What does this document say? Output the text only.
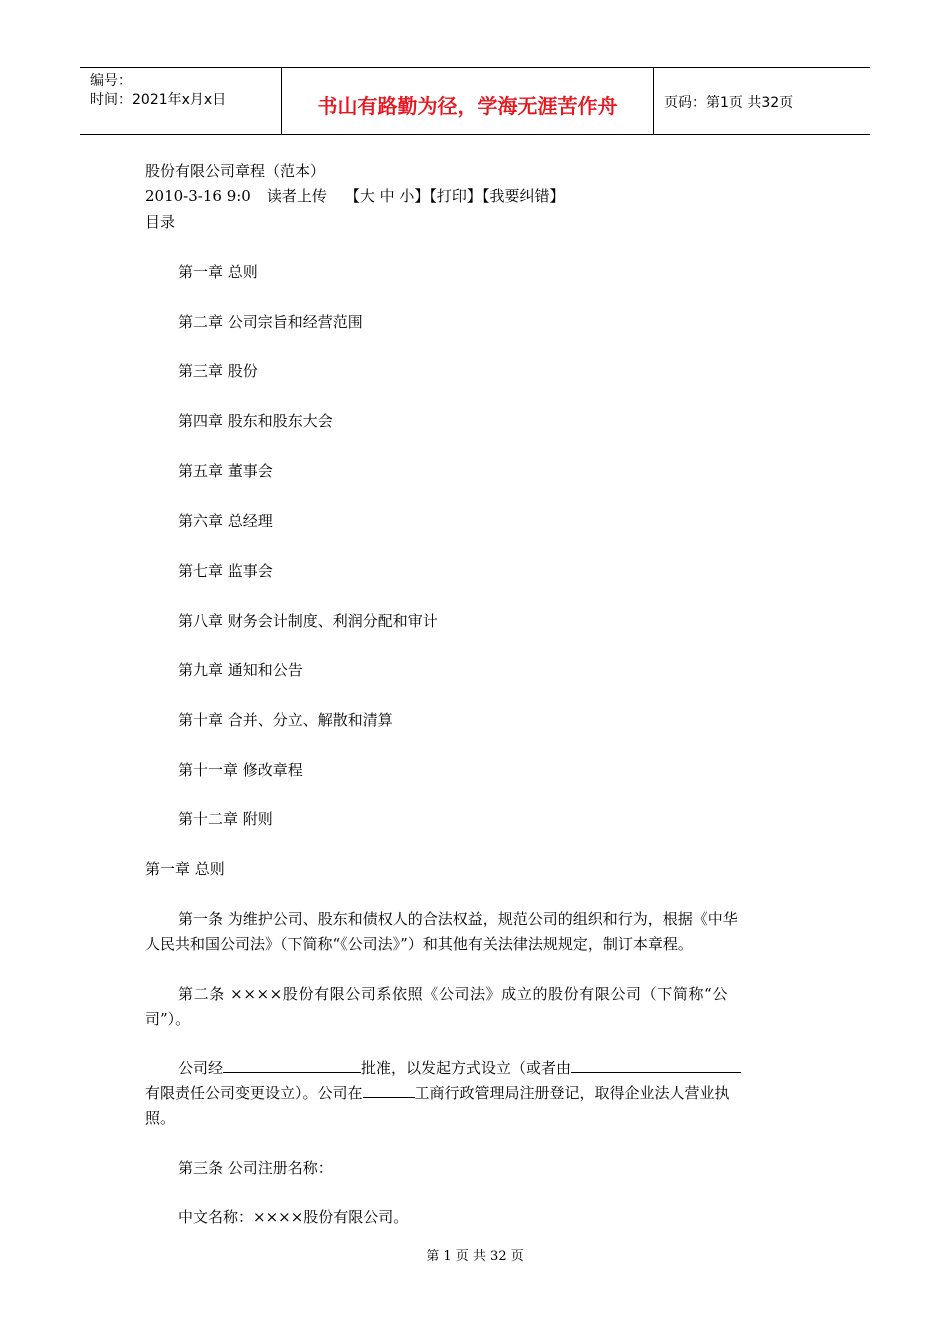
编号：
时间：2021年x月x日	书山有路勤为径，学海无涯苦作舟	页码：第1页 共32页
股份有限公司章程（范本）
2010-3-16 9:0 读者上传 【大 中 小】【打印】【我要纠错】
目录
第一章 总则
第二章 公司宗旨和经营范围
第三章 股份
第四章 股东和股东大会
第五章 董事会
第六章 总经理
第七章 监事会
第八章 财务会计制度、利润分配和审计
第九章 通知和公告
第十章 合并、分立、解散和清算
第十一章 修改章程
第十二章 附则
第一章 总则
第一条 为维护公司、股东和债权人的合法权益，规范公司的组织和行为，根据《中华
人民共和国公司法》（下简称“《公司法》”）和其他有关法律法规规定，制订本章程。
第二条 ××××股份有限公司系依照《公司法》成立的股份有限公司（下简称“公
司”）。
公司经	批准，以发起方式设立（或者由
有限责任公司变更设立）。公司在	工商行政管理局注册登记，取得企业法人营业执
照。
第三条 公司注册名称：
中文名称：××××股份有限公司。
第 1 页 共 32 页
